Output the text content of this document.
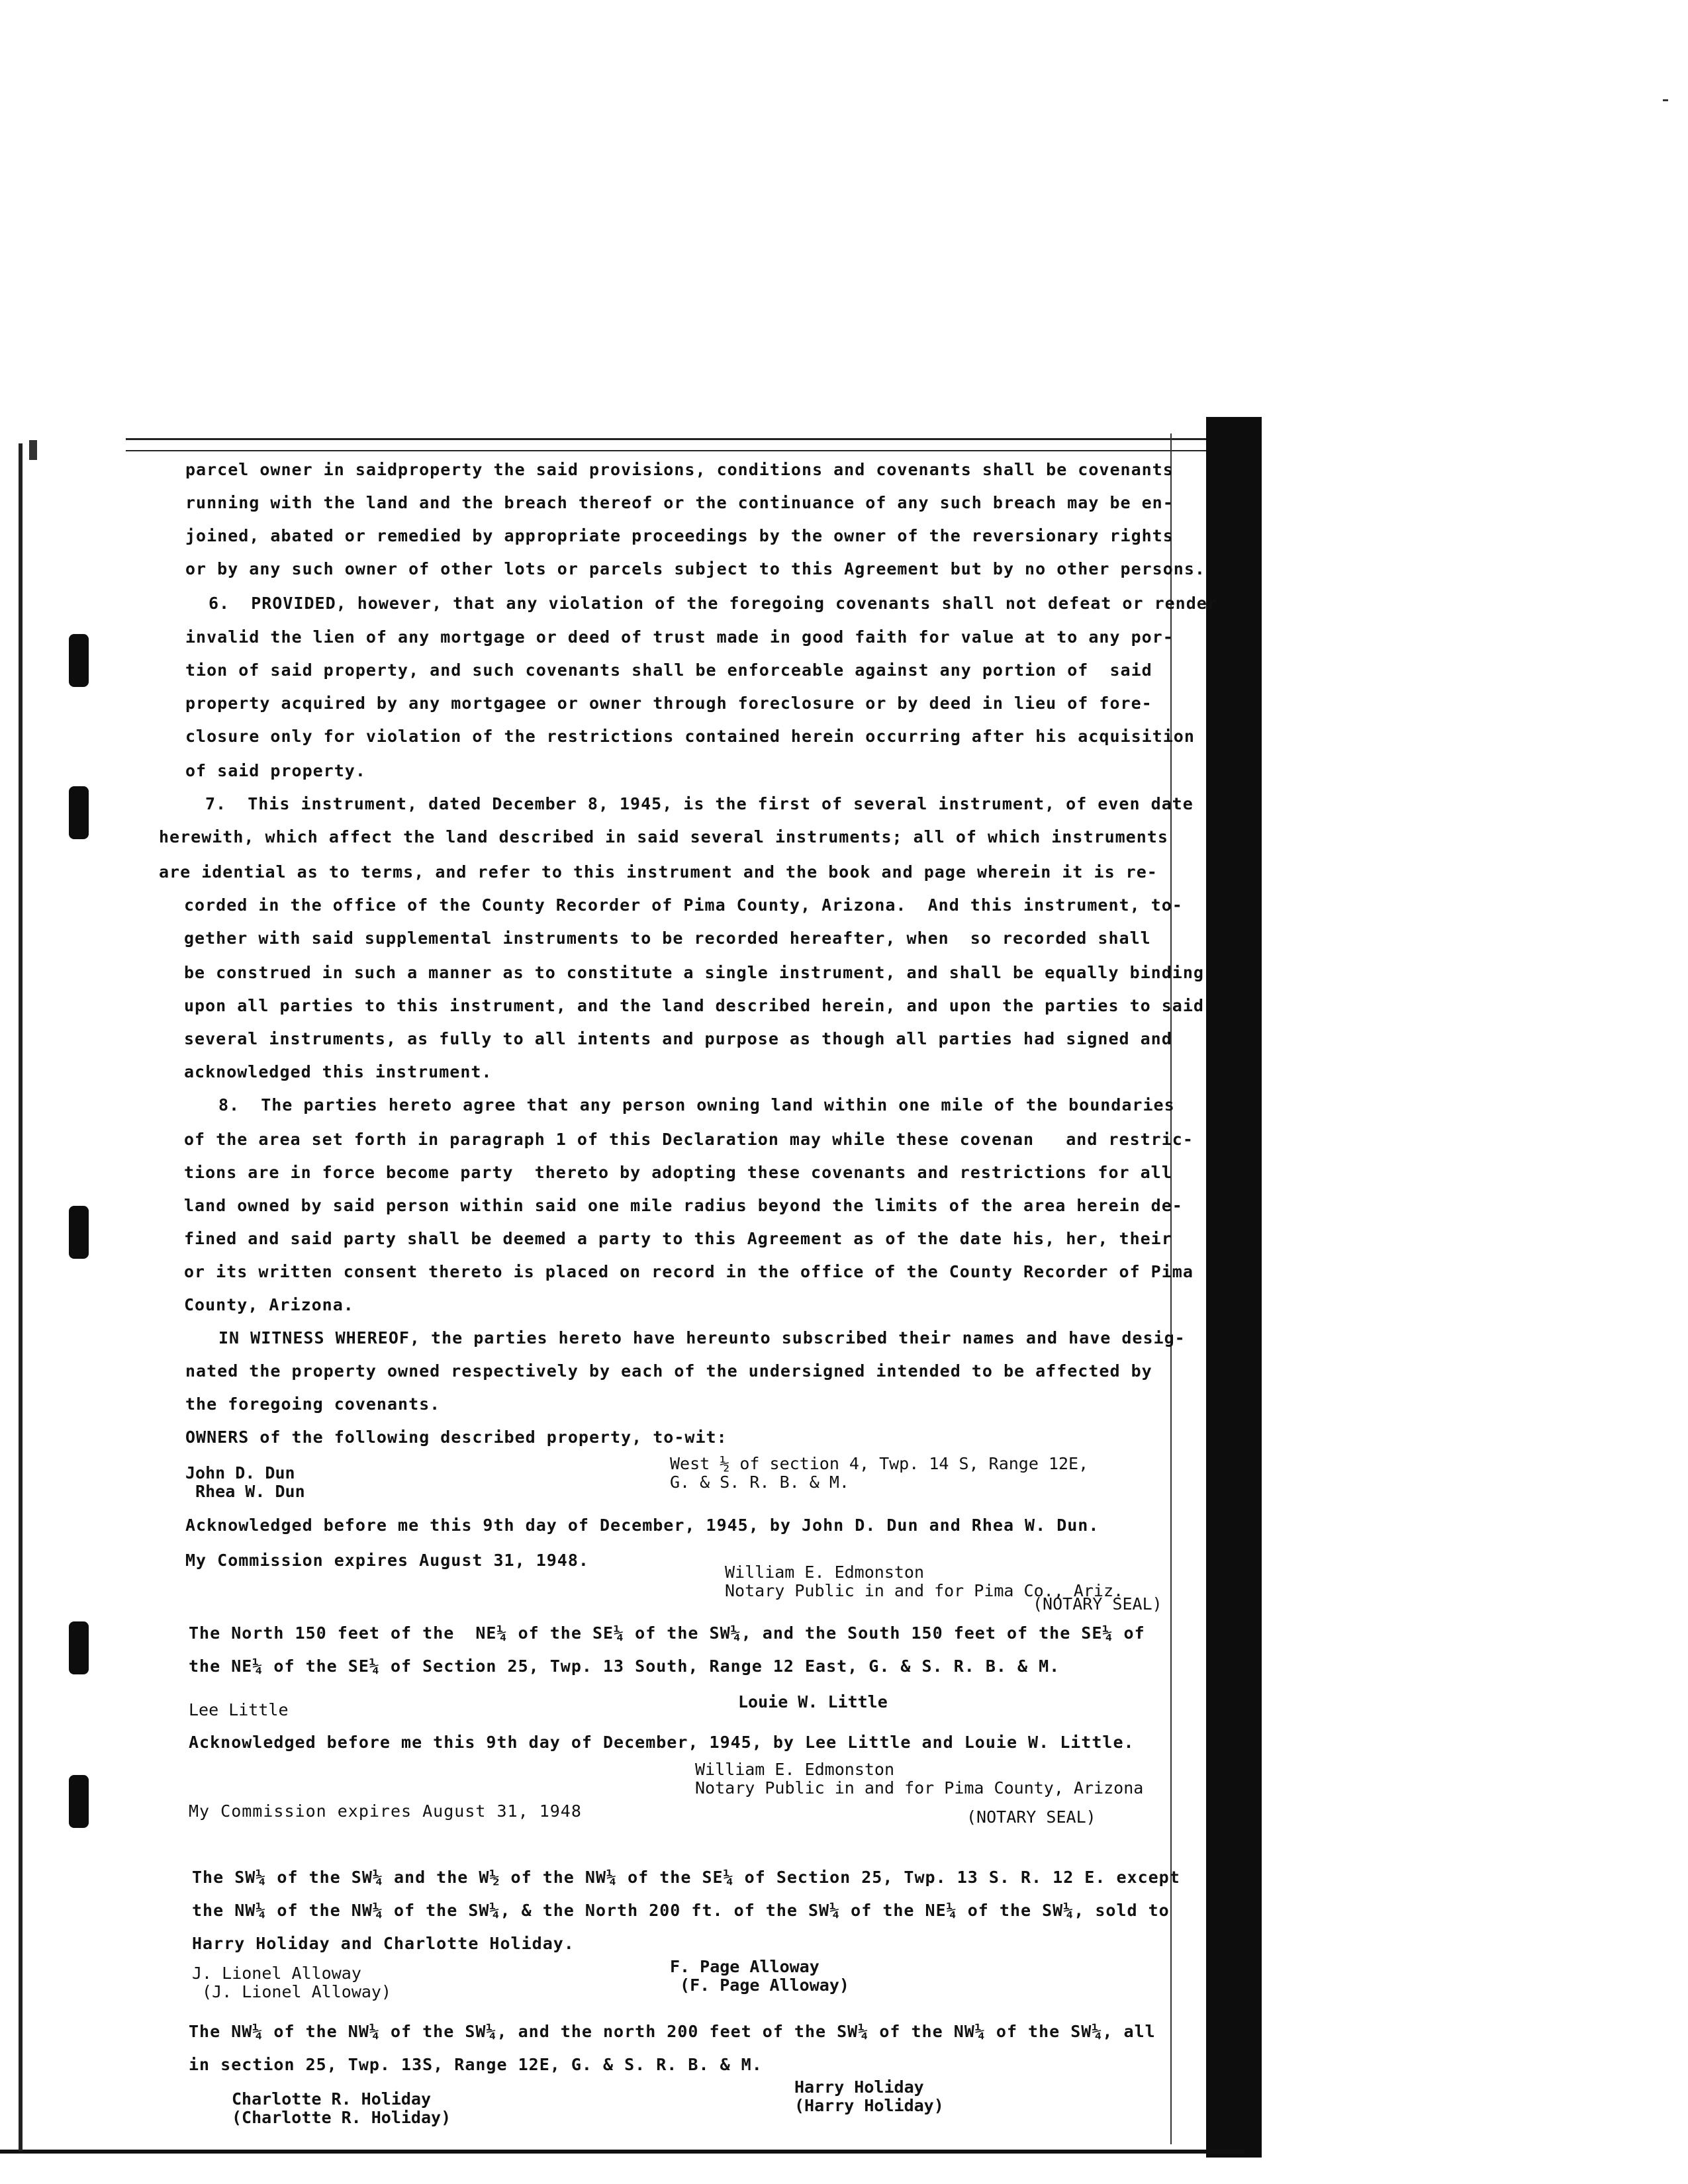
parcel owner in saidproperty the said provisions, conditions and covenants shall be covenants
running with the land and the breach thereof or the continuance of any such breach may be en-
joined, abated or remedied by appropriate proceedings by the owner of the reversionary rights
or by any such owner of other lots or parcels subject to this Agreement but by no other persons.
6.  PROVIDED, however, that any violation of the foregoing covenants shall not defeat or render
invalid the lien of any mortgage or deed of trust made in good faith for value at to any por-
tion of said property, and such covenants shall be enforceable against any portion of  said
property acquired by any mortgagee or owner through foreclosure or by deed in lieu of fore-
closure only for violation of the restrictions contained herein occurring after his acquisition
of said property.
7.  This instrument, dated December 8, 1945, is the first of several instrument, of even date
herewith, which affect the land described in said several instruments; all of which instruments
are idential as to terms, and refer to this instrument and the book and page wherein it is re-
corded in the office of the County Recorder of Pima County, Arizona.  And this instrument, to-
gether with said supplemental instruments to be recorded hereafter, when  so recorded shall
be construed in such a manner as to constitute a single instrument, and shall be equally binding
upon all parties to this instrument, and the land described herein, and upon the parties to said
several instruments, as fully to all intents and purpose as though all parties had signed and
acknowledged this instrument.
8.  The parties hereto agree that any person owning land within one mile of the boundaries
of the area set forth in paragraph 1 of this Declaration may while these covenan   and restric-
tions are in force become party  thereto by adopting these covenants and restrictions for all
land owned by said person within said one mile radius beyond the limits of the area herein de-
fined and said party shall be deemed a party to this Agreement as of the date his, her, their
or its written consent thereto is placed on record in the office of the County Recorder of Pima
County, Arizona.
IN WITNESS WHEREOF, the parties hereto have hereunto subscribed their names and have desig-
nated the property owned respectively by each of the undersigned intended to be affected by
the foregoing covenants.
OWNERS of the following described property, to-wit:
John D. Dun
Rhea W. Dun
West ½ of section 4, Twp. 14 S, Range 12E,
G. & S. R. B. & M.
Acknowledged before me this 9th day of December, 1945, by John D. Dun and Rhea W. Dun.
My Commission expires August 31, 1948.
William E. Edmonston
Notary Public in and for Pima Co., Ariz.
(NOTARY SEAL)
The North 150 feet of the  NE¼ of the SE¼ of the SW¼, and the South 150 feet of the SE¼ of
the NE¼ of the SE¼ of Section 25, Twp. 13 South, Range 12 East, G. & S. R. B. & M.
Lee Little	Louie W. Little
Acknowledged before me this 9th day of December, 1945, by Lee Little and Louie W. Little.
William E. Edmonston
Notary Public in and for Pima County, Arizona
My Commission expires August 31, 1948	(NOTARY SEAL)
The SW¼ of the SW¼ and the W½ of the NW¼ of the SE¼ of Section 25, Twp. 13 S. R. 12 E. except
the NW¼ of the NW¼ of the SW¼, & the North 200 ft. of the SW¼ of the NE¼ of the SW¼, sold to
Harry Holiday and Charlotte Holiday.
J. Lionel Alloway
(J. Lionel Alloway)
F. Page Alloway
(F. Page Alloway)
The NW¼ of the NW¼ of the SW¼, and the north 200 feet of the SW¼ of the NW¼ of the SW¼, all
in section 25, Twp. 13S, Range 12E, G. & S. R. B. & M.
Charlotte R. Holiday
(Charlotte R. Holiday)
Harry Holiday
(Harry Holiday)
